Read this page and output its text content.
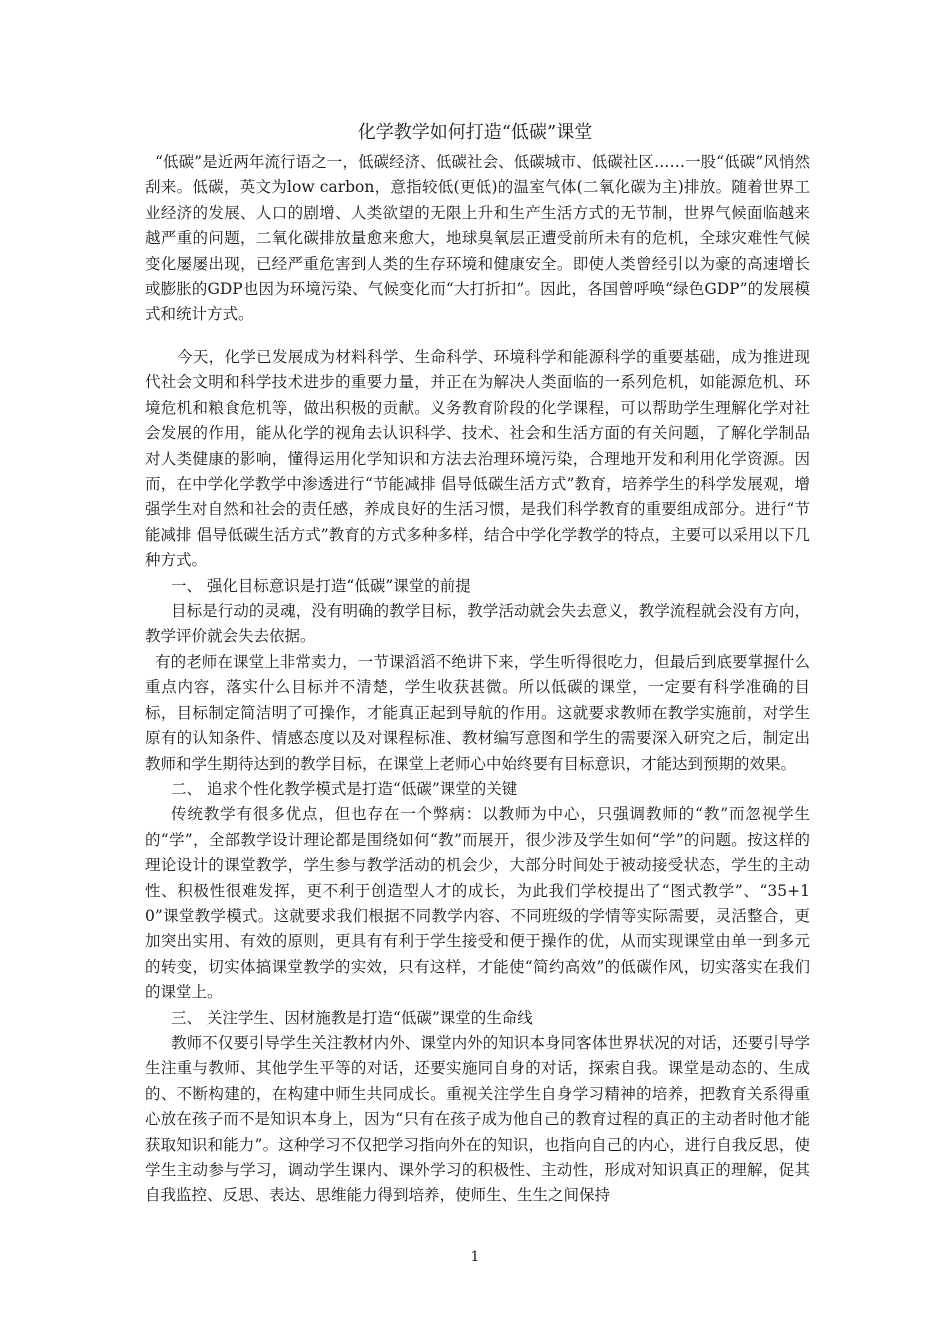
化学教学如何打造“低碳”课堂

“低碳”是近两年流行语之一，低碳经济、低碳社会、低碳城市、低碳社区……一股“低碳”风悄然刮来。低碳，英文为low carbon，意指较低(更低)的温室气体(二氧化碳为主)排放。随着世界工业经济的发展、人口的剧增、人类欲望的无限上升和生产生活方式的无节制，世界气候面临越来越严重的问题，二氧化碳排放量愈来愈大，地球臭氧层正遭受前所未有的危机，全球灾难性气候变化屡屡出现，已经严重危害到人类的生存环境和健康安全。即使人类曾经引以为豪的高速增长或膨胀的GDP也因为环境污染、气候变化而“大打折扣”。因此，各国曾呼唤“绿色GDP”的发展模式和统计方式。

今天，化学已发展成为材料科学、生命科学、环境科学和能源科学的重要基础，成为推进现代社会文明和科学技术进步的重要力量，并正在为解决人类面临的一系列危机，如能源危机、环境危机和粮食危机等，做出积极的贡献。义务教育阶段的化学课程，可以帮助学生理解化学对社会发展的作用，能从化学的视角去认识科学、技术、社会和生活方面的有关问题，了解化学制品对人类健康的影响，懂得运用化学知识和方法去治理环境污染，合理地开发和利用化学资源。因而，在中学化学教学中渗透进行“节能减排 倡导低碳生活方式”教育，培养学生的科学发展观，增强学生对自然和社会的责任感，养成良好的生活习惯，是我们科学教育的重要组成部分。进行“节能减排 倡导低碳生活方式”教育的方式多种多样，结合中学化学教学的特点，主要可以采用以下几种方式。

一、 强化目标意识是打造“低碳”课堂的前提

目标是行动的灵魂，没有明确的教学目标，教学活动就会失去意义，教学流程就会没有方向，教学评价就会失去依据。

有的老师在课堂上非常卖力，一节课滔滔不绝讲下来，学生听得很吃力，但最后到底要掌握什么重点内容，落实什么目标并不清楚，学生收获甚微。所以低碳的课堂，一定要有科学准确的目标，目标制定简洁明了可操作，才能真正起到导航的作用。这就要求教师在教学实施前，对学生原有的认知条件、情感态度以及对课程标准、教材编写意图和学生的需要深入研究之后，制定出教师和学生期待达到的教学目标，在课堂上老师心中始终要有目标意识，才能达到预期的效果。

二、 追求个性化教学模式是打造“低碳”课堂的关键

传统教学有很多优点，但也存在一个弊病：以教师为中心，只强调教师的“教”而忽视学生的“学”，全部教学设计理论都是围绕如何“教”而展开，很少涉及学生如何“学”的问题。按这样的理论设计的课堂教学，学生参与教学活动的机会少，大部分时间处于被动接受状态，学生的主动性、积极性很难发挥，更不利于创造型人才的成长，为此我们学校提出了“图式教学”、“35+10”课堂教学模式。这就要求我们根据不同教学内容、不同班级的学情等实际需要，灵活整合，更加突出实用、有效的原则，更具有有利于学生接受和便于操作的优，从而实现课堂由单一到多元的转变，切实体搞课堂教学的实效，只有这样，才能使“简约高效”的低碳作风，切实落实在我们的课堂上。

三、 关注学生、因材施教是打造“低碳”课堂的生命线

教师不仅要引导学生关注教材内外、课堂内外的知识本身同客体世界状况的对话，还要引导学生注重与教师、其他学生平等的对话，还要实施同自身的对话，探索自我。课堂是动态的、生成的、不断构建的，在构建中师生共同成长。重视关注学生自身学习精神的培养，把教育关系得重心放在孩子而不是知识本身上，因为“只有在孩子成为他自己的教育过程的真正的主动者时他才能获取知识和能力”。这种学习不仅把学习指向外在的知识，也指向自己的内心，进行自我反思，使学生主动参与学习，调动学生课内、课外学习的积极性、主动性，形成对知识真正的理解，促其自我监控、反思、表达、思维能力得到培养，使师生、生生之间保持

1
